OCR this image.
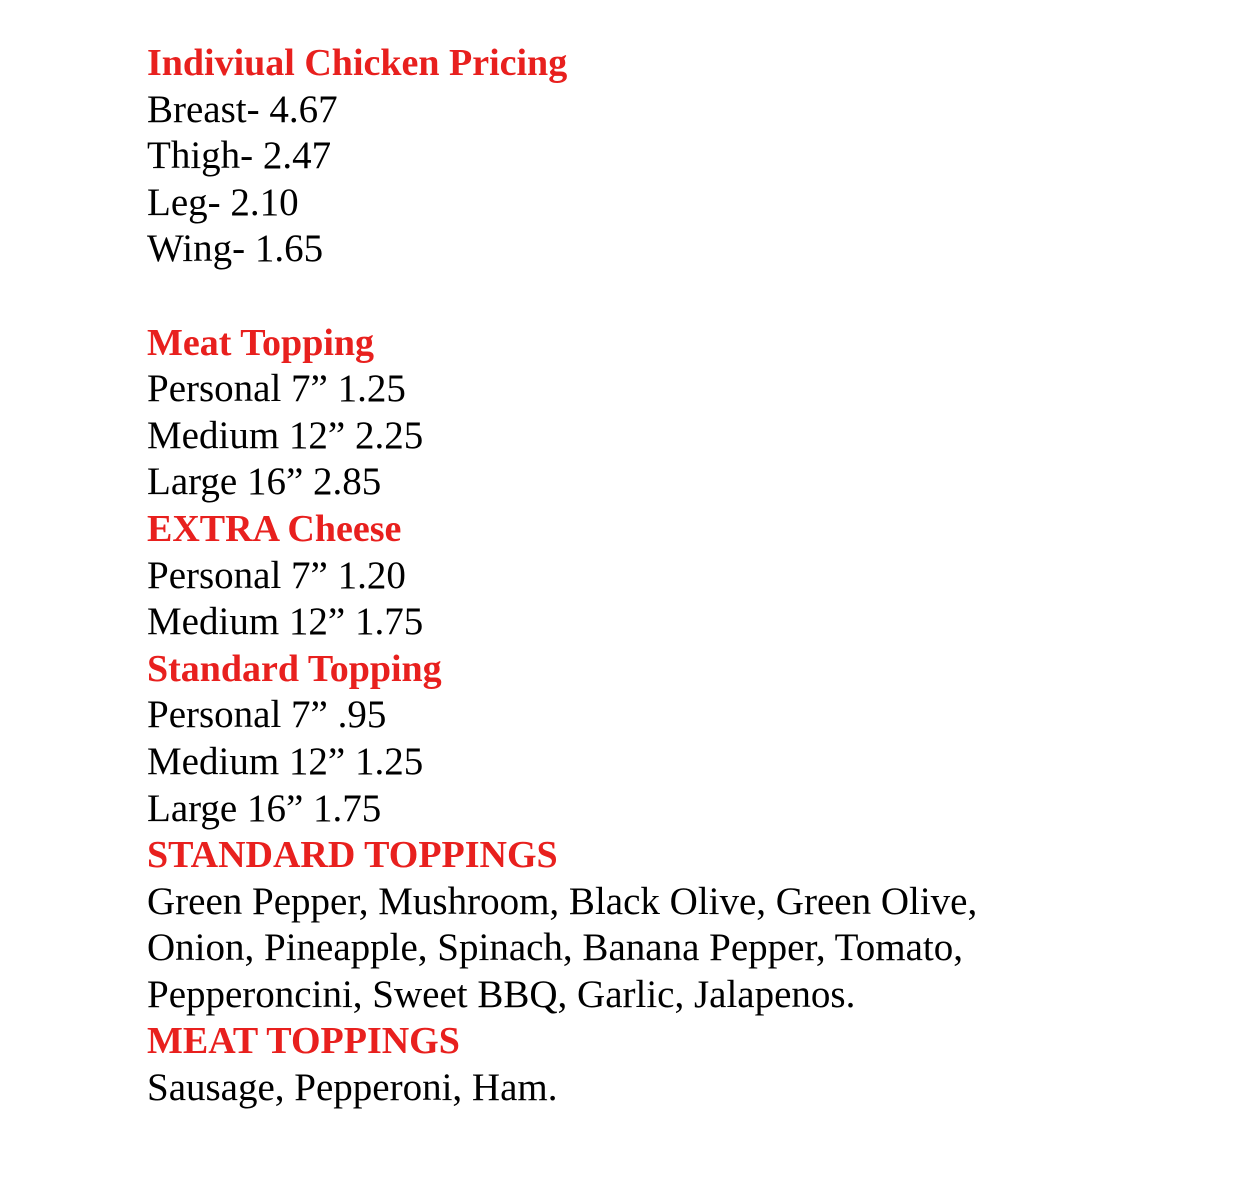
Indiviual Chicken Pricing
Breast- 4.67
Thigh- 2.47
Leg- 2.10
Wing- 1.65
Meat Topping
Personal 7” 1.25
Medium 12” 2.25
Large 16” 2.85
EXTRA Cheese
Personal 7” 1.20
Medium 12” 1.75
Standard Topping
Personal 7” .95
Medium 12” 1.25
Large 16” 1.75
STANDARD TOPPINGS
Green Pepper, Mushroom, Black Olive, Green Olive,
Onion, Pineapple, Spinach, Banana Pepper, Tomato,
Pepperoncini, Sweet BBQ, Garlic, Jalapenos.
MEAT TOPPINGS
Sausage, Pepperoni, Ham.
